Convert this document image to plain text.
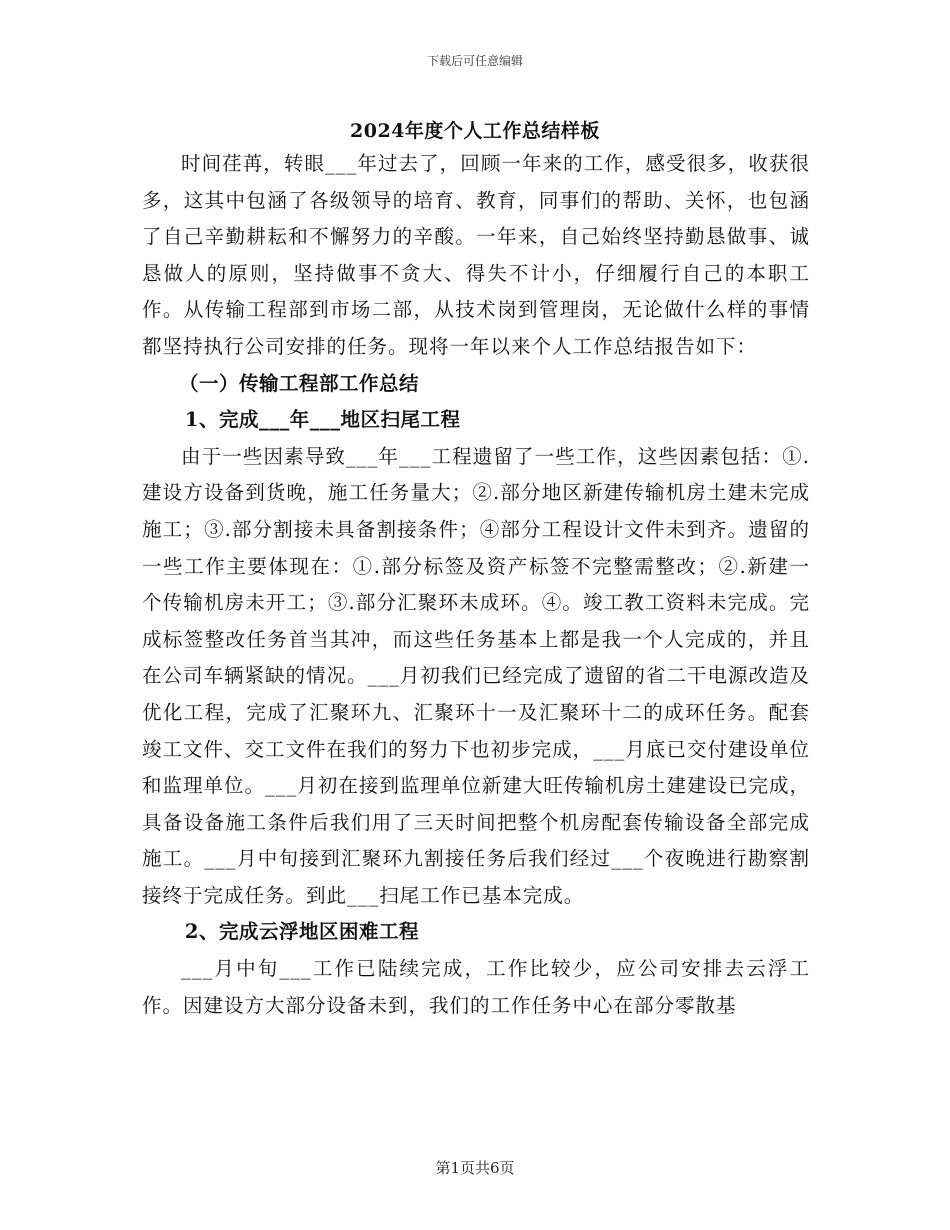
下载后可任意编辑
2024年度个人工作总结样板

时间荏苒，转眼___年过去了，回顾一年来的工作，感受很多，收获很多，这其中包涵了各级领导的培育、教育，同事们的帮助、关怀，也包涵了自己辛勤耕耘和不懈努力的辛酸。一年来，自己始终坚持勤恳做事、诚恳做人的原则，坚持做事不贪大、得失不计小，仔细履行自己的本职工作。从传输工程部到市场二部，从技术岗到管理岗，无论做什么样的事情都坚持执行公司安排的任务。现将一年以来个人工作总结报告如下：

（一）传输工程部工作总结

1、完成___年___地区扫尾工程

由于一些因素导致___年___工程遗留了一些工作，这些因素包括：①.建设方设备到货晚，施工任务量大；②.部分地区新建传输机房土建未完成施工；③.部分割接未具备割接条件；④部分工程设计文件未到齐。遗留的一些工作主要体现在：①.部分标签及资产标签不完整需整改；②.新建一个传输机房未开工；③.部分汇聚环未成环。④。竣工教工资料未完成。完成标签整改任务首当其冲，而这些任务基本上都是我一个人完成的，并且在公司车辆紧缺的情况。___月初我们已经完成了遗留的省二干电源改造及优化工程，完成了汇聚环九、汇聚环十一及汇聚环十二的成环任务。配套竣工文件、交工文件在我们的努力下也初步完成，___月底已交付建设单位和监理单位。___月初在接到监理单位新建大旺传输机房土建建设已完成，具备设备施工条件后我们用了三天时间把整个机房配套传输设备全部完成施工。___月中旬接到汇聚环九割接任务后我们经过___个夜晚进行勘察割接终于完成任务。到此___扫尾工作已基本完成。

2、完成云浮地区困难工程

___月中旬___工作已陆续完成，工作比较少，应公司安排去云浮工作。因建设方大部分设备未到，我们的工作任务中心在部分零散基

第1页共6页
